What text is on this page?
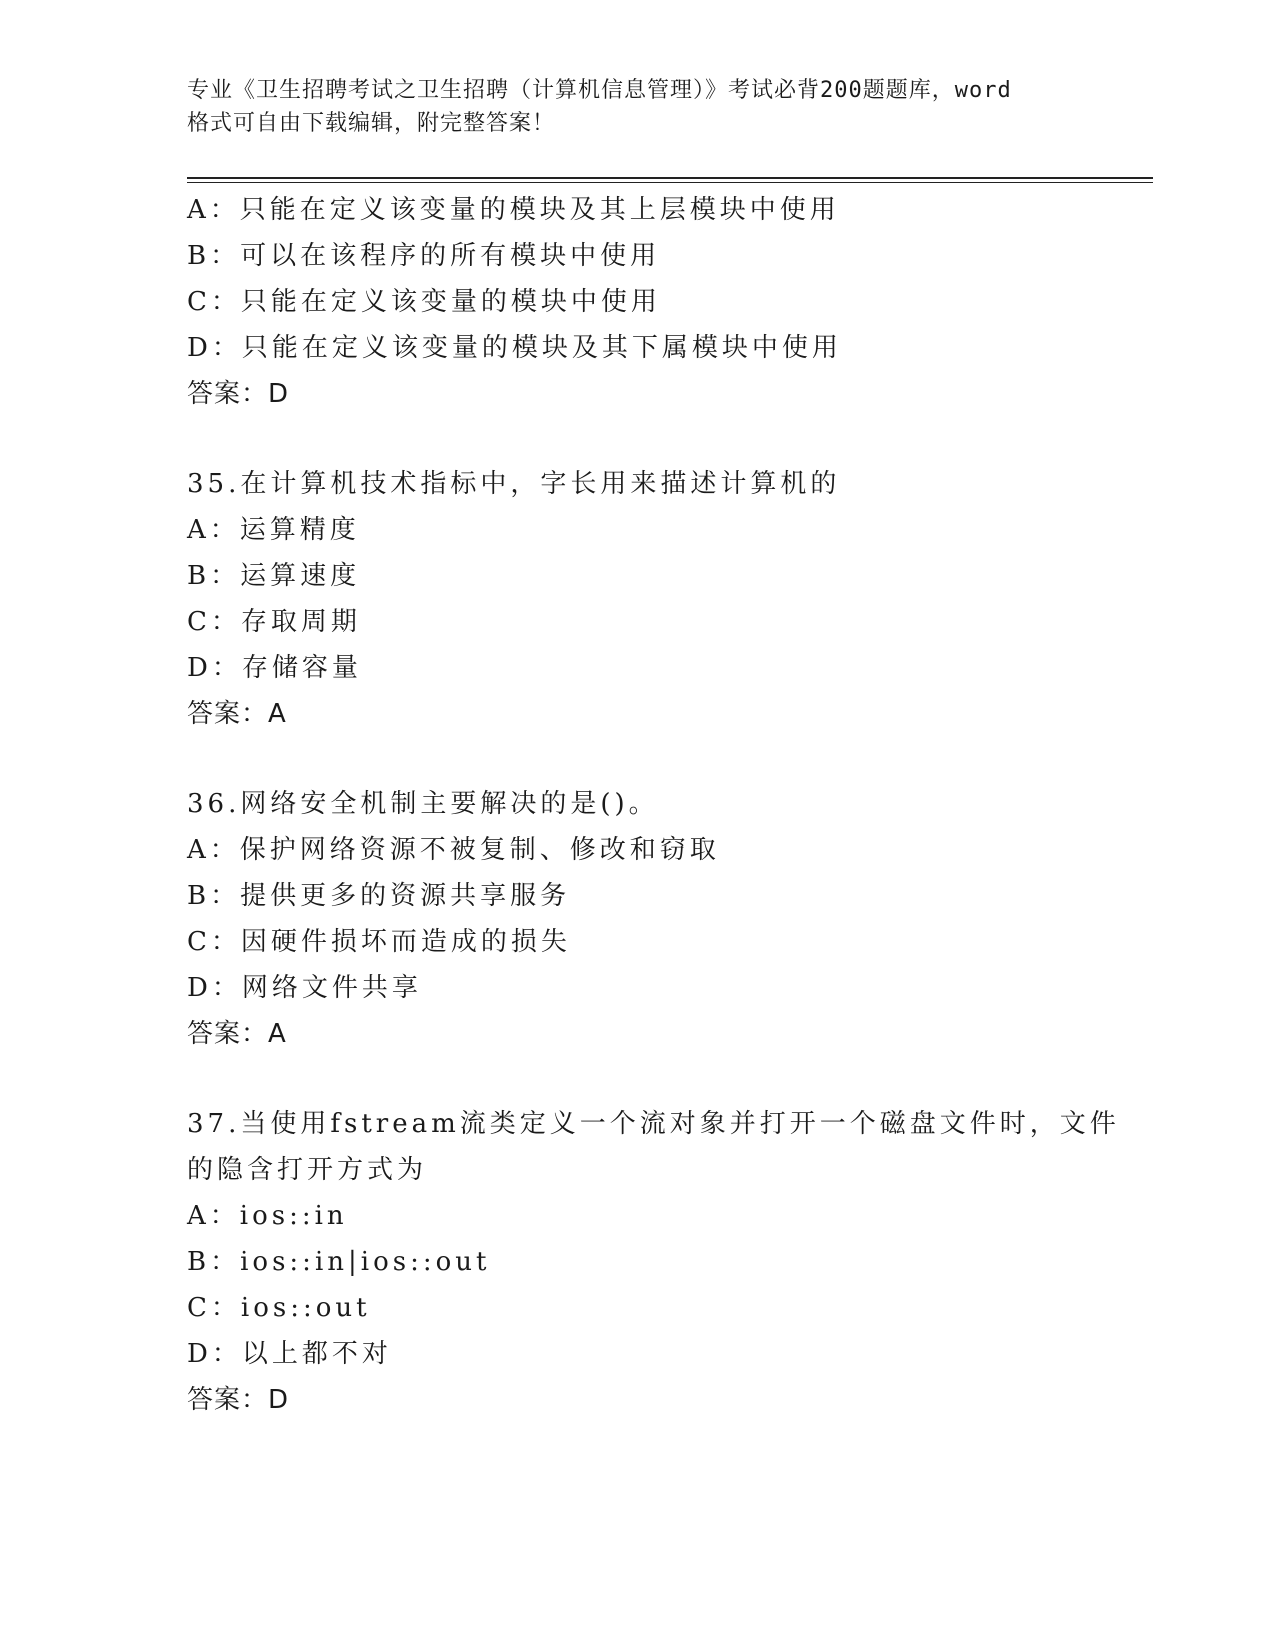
专业《卫生招聘考试之卫生招聘（计算机信息管理）》考试必背200题题库，word
格式可自由下载编辑，附完整答案！
A：只能在定义该变量的模块及其上层模块中使用
B：可以在该程序的所有模块中使用
C：只能在定义该变量的模块中使用
D：只能在定义该变量的模块及其下属模块中使用
答案：D
35.在计算机技术指标中，字长用来描述计算机的
A：运算精度
B：运算速度
C：存取周期
D：存储容量
答案：A
36.网络安全机制主要解决的是()。
A：保护网络资源不被复制、修改和窃取
B：提供更多的资源共享服务
C：因硬件损坏而造成的损失
D：网络文件共享
答案：A
37.当使用fstream流类定义一个流对象并打开一个磁盘文件时，文件
的隐含打开方式为
A：ios::in
B：ios::in|ios::out
C：ios::out
D：以上都不对
答案：D
